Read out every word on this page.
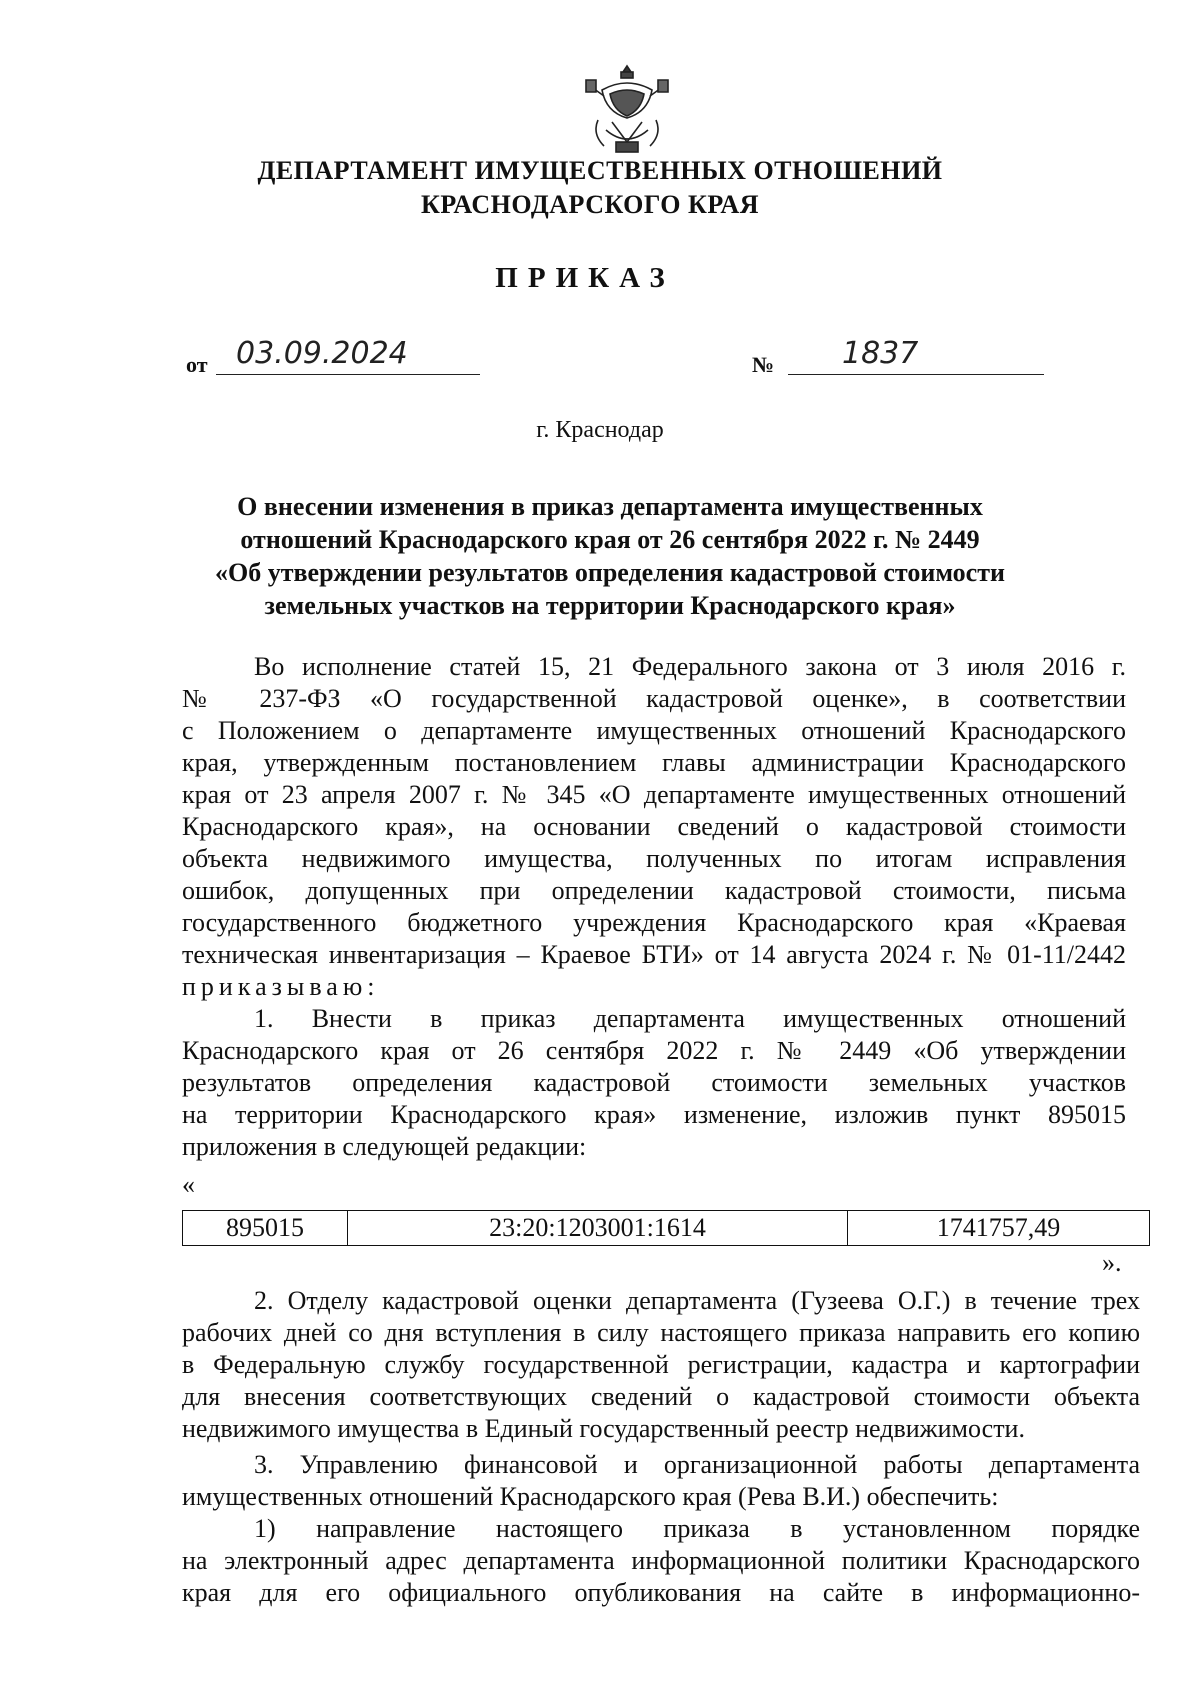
ДЕПАРТАМЕНТ ИМУЩЕСТВЕННЫХ ОТНОШЕНИЙ
КРАСНОДАРСКОГО КРАЯ
ПРИКАЗ
от 03.09.2024	№ 1837
г. Краснодар
О внесении изменения в приказ департамента имущественных
отношений Краснодарского края от 26 сентября 2022 г. № 2449
«Об утверждении результатов определения кадастровой стоимости
земельных участков на территории Краснодарского края»
Во исполнение статей 15, 21 Федерального закона от 3 июля 2016 г.
№ 237-ФЗ «О государственной кадастровой оценке», в соответствии
с Положением о департаменте имущественных отношений Краснодарского
края, утвержденным постановлением главы администрации Краснодарского
края от 23 апреля 2007 г. № 345 «О департаменте имущественных отношений
Краснодарского края», на основании сведений о кадастровой стоимости
объекта недвижимого имущества, полученных по итогам исправления
ошибок, допущенных при определении кадастровой стоимости, письма
государственного бюджетного учреждения Краснодарского края «Краевая
техническая инвентаризация – Краевое БТИ» от 14 августа 2024 г. № 01-11/2442
приказываю:
1. Внести в приказ департамента имущественных отношений
Краснодарского края от 26 сентября 2022 г. № 2449 «Об утверждении
результатов определения кадастровой стоимости земельных участков
на территории Краснодарского края» изменение, изложив пункт 895015
приложения в следующей редакции:
«
895015	23:20:1203001:1614	1741757,49
».
2. Отделу кадастровой оценки департамента (Гузеева О.Г.) в течение трех
рабочих дней со дня вступления в силу настоящего приказа направить его копию
в Федеральную службу государственной регистрации, кадастра и картографии
для внесения соответствующих сведений о кадастровой стоимости объекта
недвижимого имущества в Единый государственный реестр недвижимости.
3. Управлению финансовой и организационной работы департамента
имущественных отношений Краснодарского края (Рева В.И.) обеспечить:
1) направление настоящего приказа в установленном порядке
на электронный адрес департамента информационной политики Краснодарского
края для его официального опубликования на сайте в информационно-
